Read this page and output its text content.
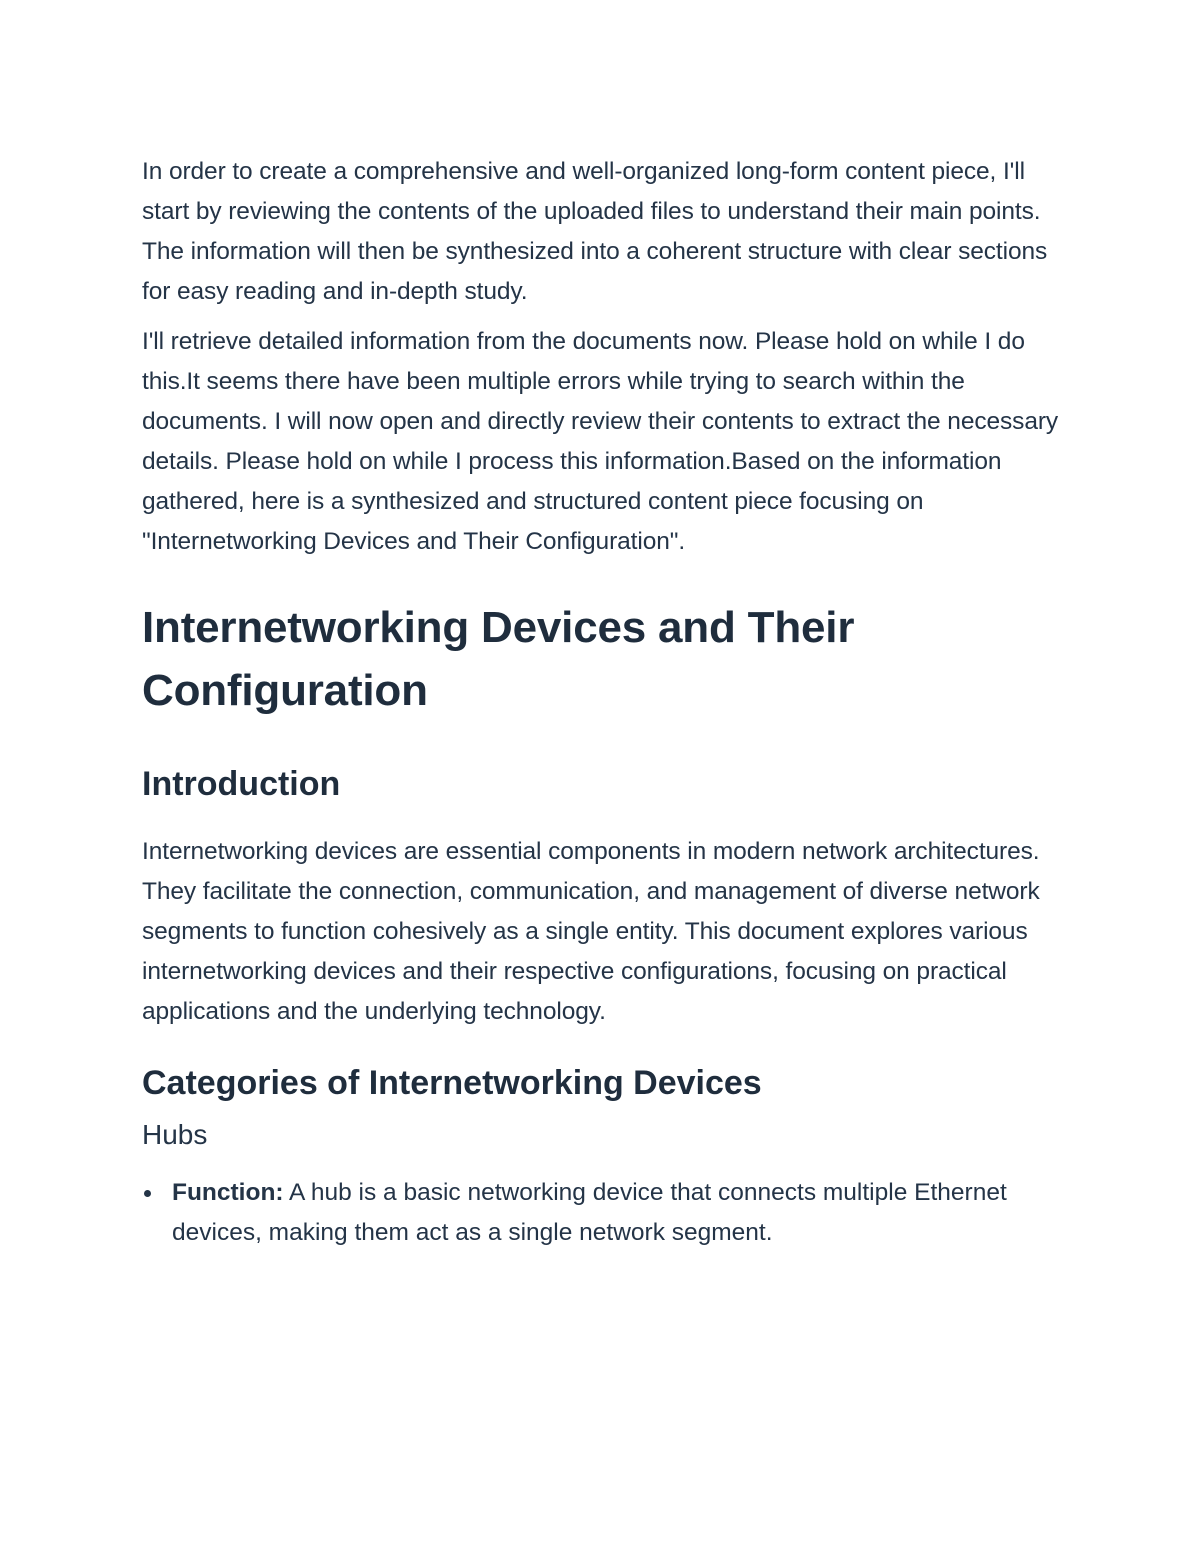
In order to create a comprehensive and well-organized long-form content piece, I'll start by reviewing the contents of the uploaded files to understand their main points. The information will then be synthesized into a coherent structure with clear sections for easy reading and in-depth study.

I'll retrieve detailed information from the documents now. Please hold on while I do this.It seems there have been multiple errors while trying to search within the documents. I will now open and directly review their contents to extract the necessary details. Please hold on while I process this information.Based on the information gathered, here is a synthesized and structured content piece focusing on "Internetworking Devices and Their Configuration".

Internetworking Devices and Their Configuration
Introduction

Internetworking devices are essential components in modern network architectures. They facilitate the connection, communication, and management of diverse network segments to function cohesively as a single entity. This document explores various internetworking devices and their respective configurations, focusing on practical applications and the underlying technology.

Categories of Internetworking Devices
Hubs
Function: A hub is a basic networking device that connects multiple Ethernet devices, making them act as a single network segment.
